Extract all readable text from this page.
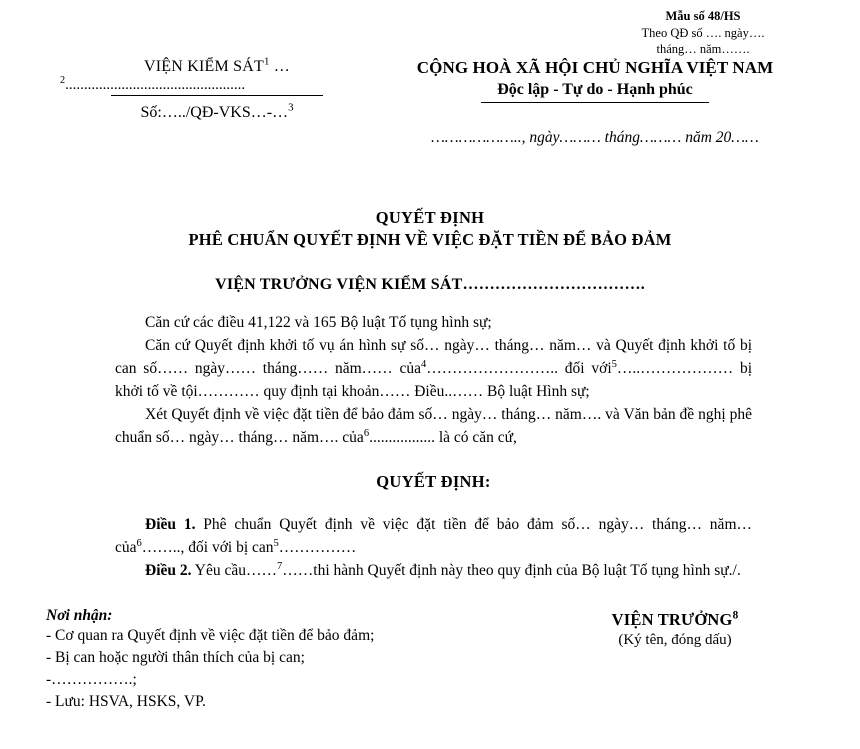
Mẫu số 48/HS
Theo QĐ số …. ngày….
tháng… năm…….
VIỆN KIỂM SÁT$^1$ …
$^2$................................................
Số:…../QĐ-VKS…-…$^3$
CỘNG HOÀ XÃ HỘI CHỦ NGHĨA VIỆT NAM
Độc lập - Tự do - Hạnh phúc
……………….., ngày……… tháng……… năm 20……
QUYẾT ĐỊNH
PHÊ CHUẨN QUYẾT ĐỊNH VỀ VIỆC ĐẶT TIỀN ĐỂ BẢO ĐẢM
VIỆN TRƯỞNG VIỆN KIỂM SÁT…………………………….

Căn cứ các điều 41,122 và 165 Bộ luật Tố tụng hình sự;

Căn cứ Quyết định khởi tố vụ án hình sự số… ngày… tháng… năm… và Quyết định khởi tố bị can số…… ngày…… tháng…… năm…… của$^4$…………………….. đối với$^5$…..……………… bị khởi tố về tội………… quy định tại khoản…… Điều..…… Bộ luật Hình sự;

Xét Quyết định về việc đặt tiền để bảo đảm số… ngày… tháng… năm…. và Văn bản đề nghị phê chuẩn số… ngày… tháng… năm…. của$^6$................. là có căn cứ,

QUYẾT ĐỊNH:

Điều 1. Phê chuẩn Quyết định về việc đặt tiền để bảo đảm số… ngày… tháng… năm… của$^6$…….., đối với bị can$^5$……………

Điều 2. Yêu cầu……$^7$……thi hành Quyết định này theo quy định của Bộ luật Tố tụng hình sự./.

Nơi nhận:
- Cơ quan ra Quyết định về việc đặt tiền để bảo đảm;
- Bị can hoặc người thân thích của bị can;
-…………….;
- Lưu: HSVA, HSKS, VP.
VIỆN TRƯỞNG$^8$
(Ký tên, đóng dấu)
